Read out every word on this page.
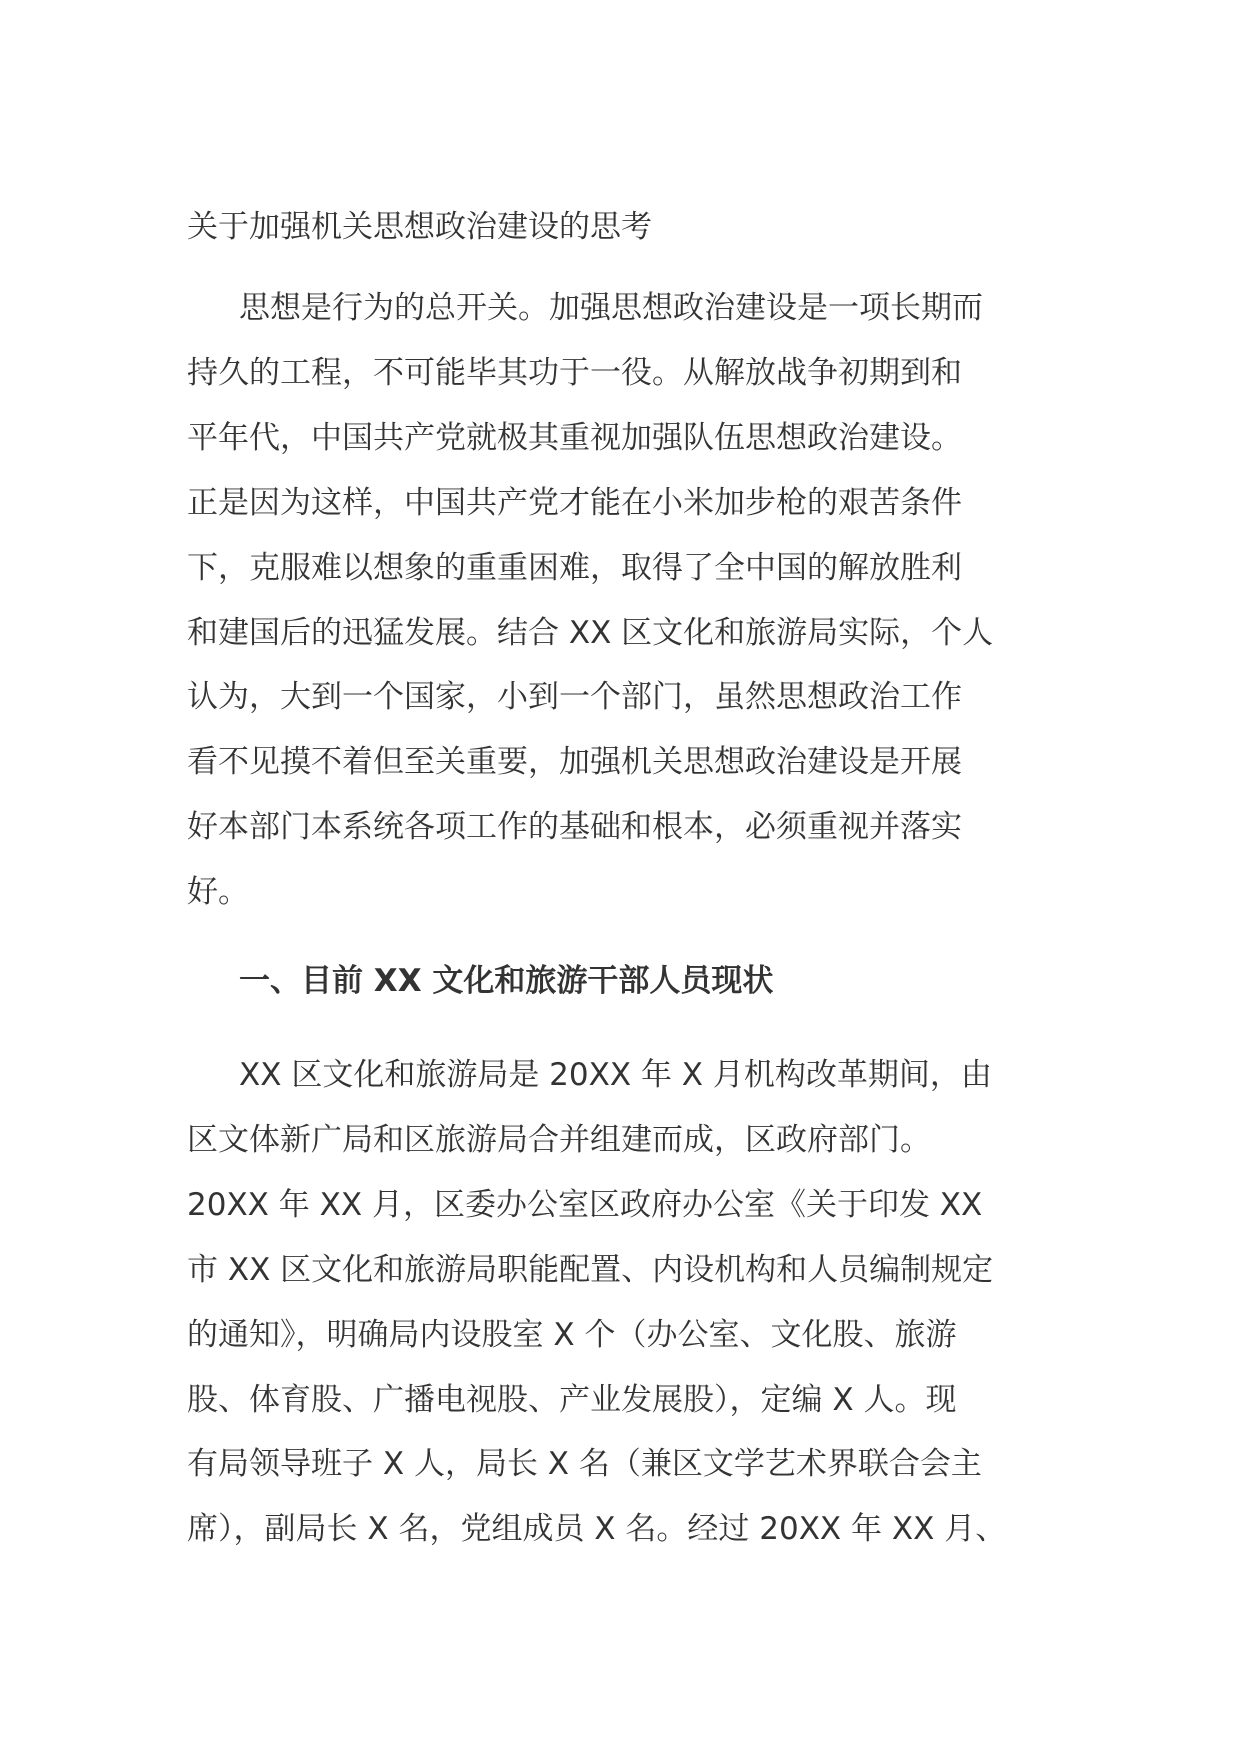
关于加强机关思想政治建设的思考
思想是行为的总开关。加强思想政治建设是一项长期而
持久的工程，不可能毕其功于一役。从解放战争初期到和
平年代，中国共产党就极其重视加强队伍思想政治建设。
正是因为这样，中国共产党才能在小米加步枪的艰苦条件
下，克服难以想象的重重困难，取得了全中国的解放胜利
和建国后的迅猛发展。结合 XX 区文化和旅游局实际，个人
认为，大到一个国家，小到一个部门，虽然思想政治工作
看不见摸不着但至关重要，加强机关思想政治建设是开展
好本部门本系统各项工作的基础和根本，必须重视并落实
好。
一、目前 XX 文化和旅游干部人员现状
XX 区文化和旅游局是 20XX 年 X 月机构改革期间，由
区文体新广局和区旅游局合并组建而成，区政府部门。
20XX 年 XX 月，区委办公室区政府办公室《关于印发 XX
市 XX 区文化和旅游局职能配置、内设机构和人员编制规定
的通知》，明确局内设股室 X 个（办公室、文化股、旅游
股、体育股、广播电视股、产业发展股），定编 X 人。现
有局领导班子 X 人，局长 X 名（兼区文学艺术界联合会主
席），副局长 X 名，党组成员 X 名。经过 20XX 年 XX 月、
